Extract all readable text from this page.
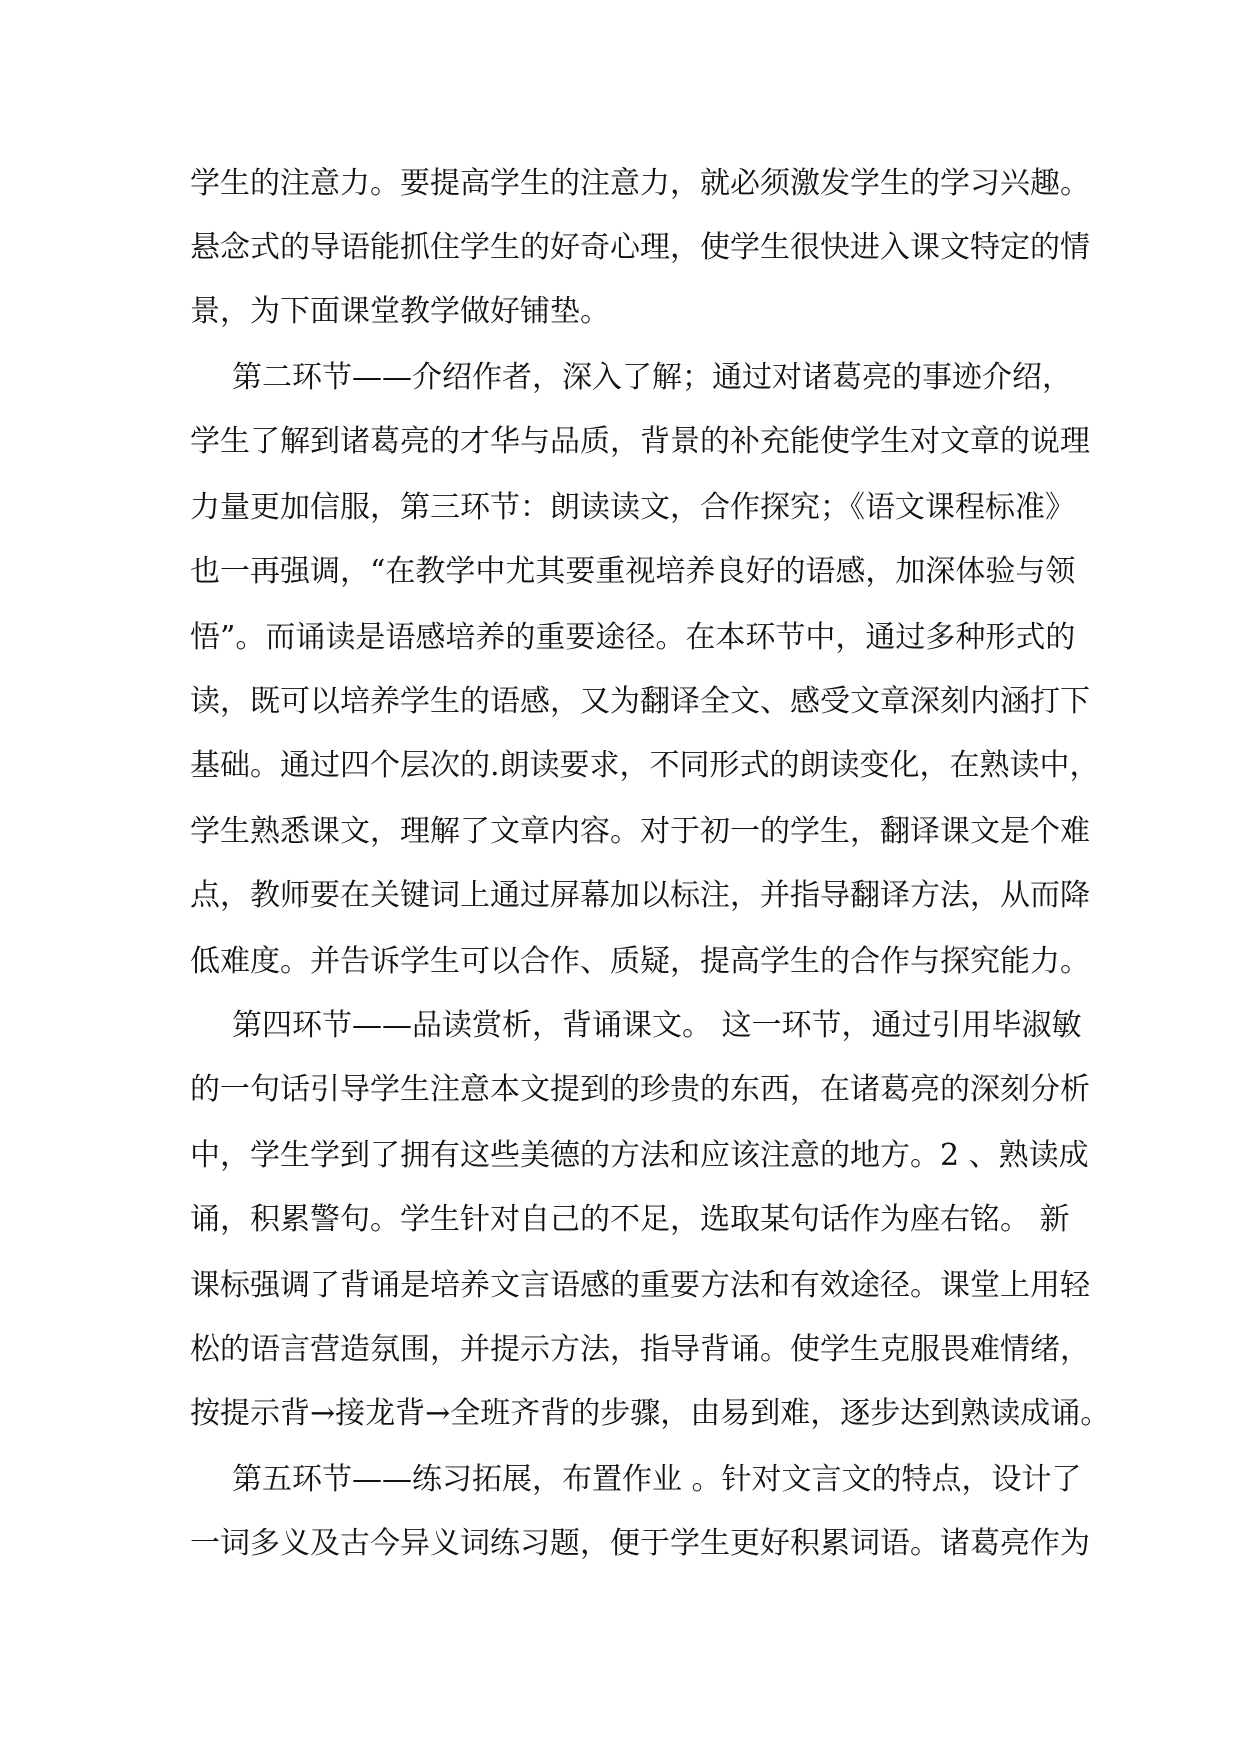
学生的注意力。要提高学生的注意力，就必须激发学生的学习兴趣。
悬念式的导语能抓住学生的好奇心理，使学生很快进入课文特定的情
景，为下面课堂教学做好铺垫。
第二环节——介绍作者，深入了解；通过对诸葛亮的事迹介绍，
学生了解到诸葛亮的才华与品质，背景的补充能使学生对文章的说理
力量更加信服，第三环节：朗读读文，合作探究；《语文课程标准》
也一再强调，“在教学中尤其要重视培养良好的语感，加深体验与领
悟”。而诵读是语感培养的重要途径。在本环节中，通过多种形式的
读，既可以培养学生的语感，又为翻译全文、感受文章深刻内涵打下
基础。通过四个层次的.朗读要求，不同形式的朗读变化，在熟读中，
学生熟悉课文，理解了文章内容。对于初一的学生，翻译课文是个难
点，教师要在关键词上通过屏幕加以标注，并指导翻译方法，从而降
低难度。并告诉学生可以合作、质疑，提高学生的合作与探究能力。
第四环节——品读赏析，背诵课文。 这一环节，通过引用毕淑敏
的一句话引导学生注意本文提到的珍贵的东西，在诸葛亮的深刻分析
中，学生学到了拥有这些美德的方法和应该注意的地方。2 、熟读成
诵，积累警句。学生针对自己的不足，选取某句话作为座右铭。 新
课标强调了背诵是培养文言语感的重要方法和有效途径。课堂上用轻
松的语言营造氛围，并提示方法，指导背诵。使学生克服畏难情绪，
按提示背→接龙背→全班齐背的步骤，由易到难，逐步达到熟读成诵。
第五环节——练习拓展，布置作业 。针对文言文的特点，设计了
一词多义及古今异义词练习题，便于学生更好积累词语。诸葛亮作为
